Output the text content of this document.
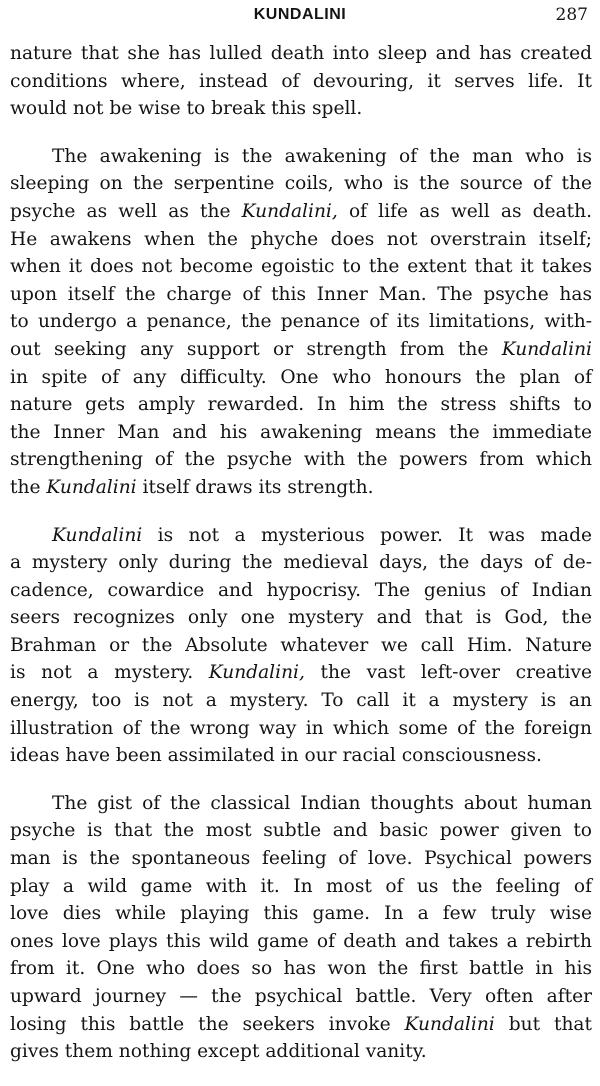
KUNDALINI	287
nature that she has lulled death into sleep and has created
conditions where, instead of devouring, it serves life. It
would not be wise to break this spell.
The awakening is the awakening of the man who is
sleeping on the serpentine coils, who is the source of the
psyche as well as the Kundalini, of life as well as death.
He awakens when the phyche does not overstrain itself;
when it does not become egoistic to the extent that it takes
upon itself the charge of this Inner Man. The psyche has
to undergo a penance, the penance of its limitations, with-
out seeking any support or strength from the Kundalini
in spite of any difficulty. One who honours the plan of
nature gets amply rewarded. In him the stress shifts to
the Inner Man and his awakening means the immediate
strengthening of the psyche with the powers from which
the Kundalini itself draws its strength.
Kundalini is not a mysterious power. It was made
a mystery only during the medieval days, the days of de-
cadence, cowardice and hypocrisy. The genius of Indian
seers recognizes only one mystery and that is God, the
Brahman or the Absolute whatever we call Him. Nature
is not a mystery. Kundalini, the vast left-over creative
energy, too is not a mystery. To call it a mystery is an
illustration of the wrong way in which some of the foreign
ideas have been assimilated in our racial consciousness.
The gist of the classical Indian thoughts about human
psyche is that the most subtle and basic power given to
man is the spontaneous feeling of love. Psychical powers
play a wild game with it. In most of us the feeling of
love dies while playing this game. In a few truly wise
ones love plays this wild game of death and takes a rebirth
from it. One who does so has won the first battle in his
upward journey — the psychical battle. Very often after
losing this battle the seekers invoke Kundalini but that
gives them nothing except additional vanity.
